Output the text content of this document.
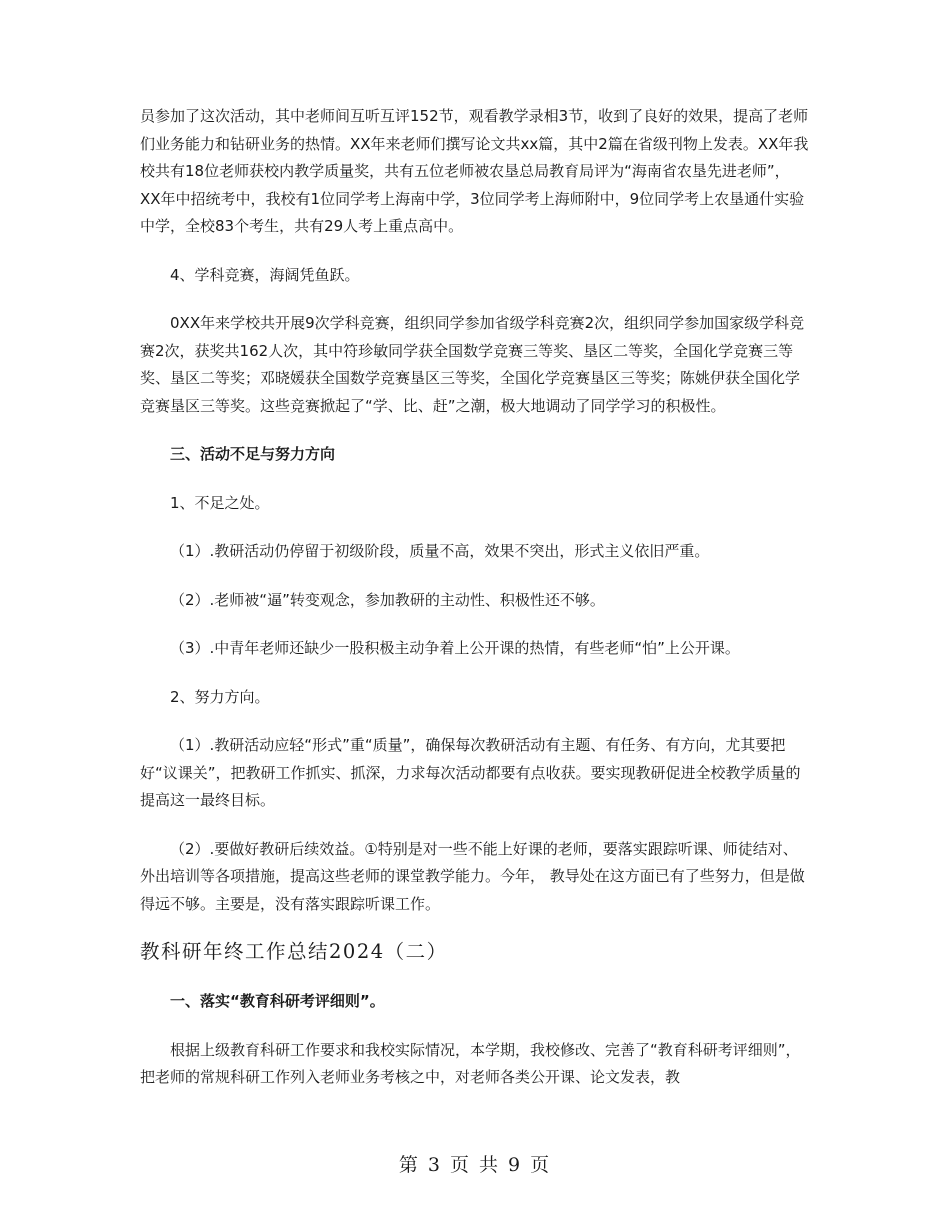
员参加了这次活动，其中老师间互听互评152节，观看教学录相3节，收到了良好的效果，提高了老师们业务能力和钻研业务的热情。XX年来老师们撰写论文共xx篇，其中2篇在省级刊物上发表。XX年我校共有18位老师获校内教学质量奖，共有五位老师被农垦总局教育局评为“海南省农垦先进老师”， XX年中招统考中，我校有1位同学考上海南中学，3位同学考上海师附中，9位同学考上农垦通什实验中学，全校83个考生，共有29人考上重点高中。

4、学科竞赛，海阔凭鱼跃。

0XX年来学校共开展9次学科竞赛，组织同学参加省级学科竞赛2次，组织同学参加国家级学科竞赛2次，获奖共162人次，其中符珍敏同学获全国数学竞赛三等奖、垦区二等奖，全国化学竞赛三等奖、垦区二等奖；邓晓媛获全国数学竞赛垦区三等奖，全国化学竞赛垦区三等奖；陈姚伊获全国化学竞赛垦区三等奖。这些竞赛掀起了“学、比、赶”之潮，极大地调动了同学学习的积极性。

三、活动不足与努力方向

1、不足之处。

（1）.教研活动仍停留于初级阶段，质量不高，效果不突出，形式主义依旧严重。

（2）.老师被“逼”转变观念，参加教研的主动性、积极性还不够。

（3）.中青年老师还缺少一股积极主动争着上公开课的热情，有些老师“怕”上公开课。

2、努力方向。

（1）.教研活动应轻“形式”重“质量”，确保每次教研活动有主题、有任务、有方向，尤其要把好“议课关”，把教研工作抓实、抓深，力求每次活动都要有点收获。要实现教研促进全校教学质量的提高这一最终目标。

（2）.要做好教研后续效益。①特别是对一些不能上好课的老师，要落实跟踪听课、师徒结对、外出培训等各项措施，提高这些老师的课堂教学能力。今年， 教导处在这方面已有了些努力，但是做得远不够。主要是，没有落实跟踪听课工作。

教科研年终工作总结2024（二）

一、落实“教育科研考评细则”。

根据上级教育科研工作要求和我校实际情况，本学期，我校修改、完善了“教育科研考评细则”，把老师的常规科研工作列入老师业务考核之中，对老师各类公开课、论文发表，教

第 3 页 共 9 页
